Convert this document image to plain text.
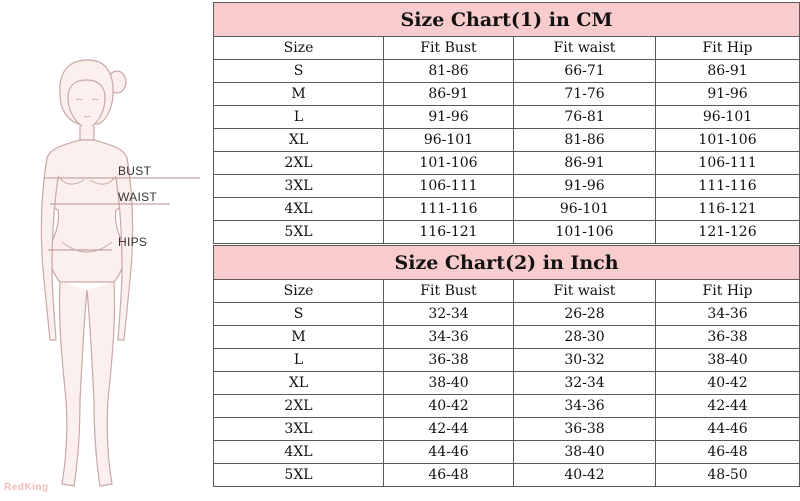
BUST
WAIST
HIPS
RedKing
Size Chart(1) in CM			
Size	Fit Bust	Fit waist	Fit Hip
S	81-86	66-71	86-91
M	86-91	71-76	91-96
L	91-96	76-81	96-101
XL	96-101	81-86	101-106
2XL	101-106	86-91	106-111
3XL	106-111	91-96	111-116
4XL	111-116	96-101	116-121
5XL	116-121	101-106	121-126
Size Chart(2) in Inch			
Size	Fit Bust	Fit waist	Fit Hip
S	32-34	26-28	34-36
M	34-36	28-30	36-38
L	36-38	30-32	38-40
XL	38-40	32-34	40-42
2XL	40-42	34-36	42-44
3XL	42-44	36-38	44-46
4XL	44-46	38-40	46-48
5XL	46-48	40-42	48-50
